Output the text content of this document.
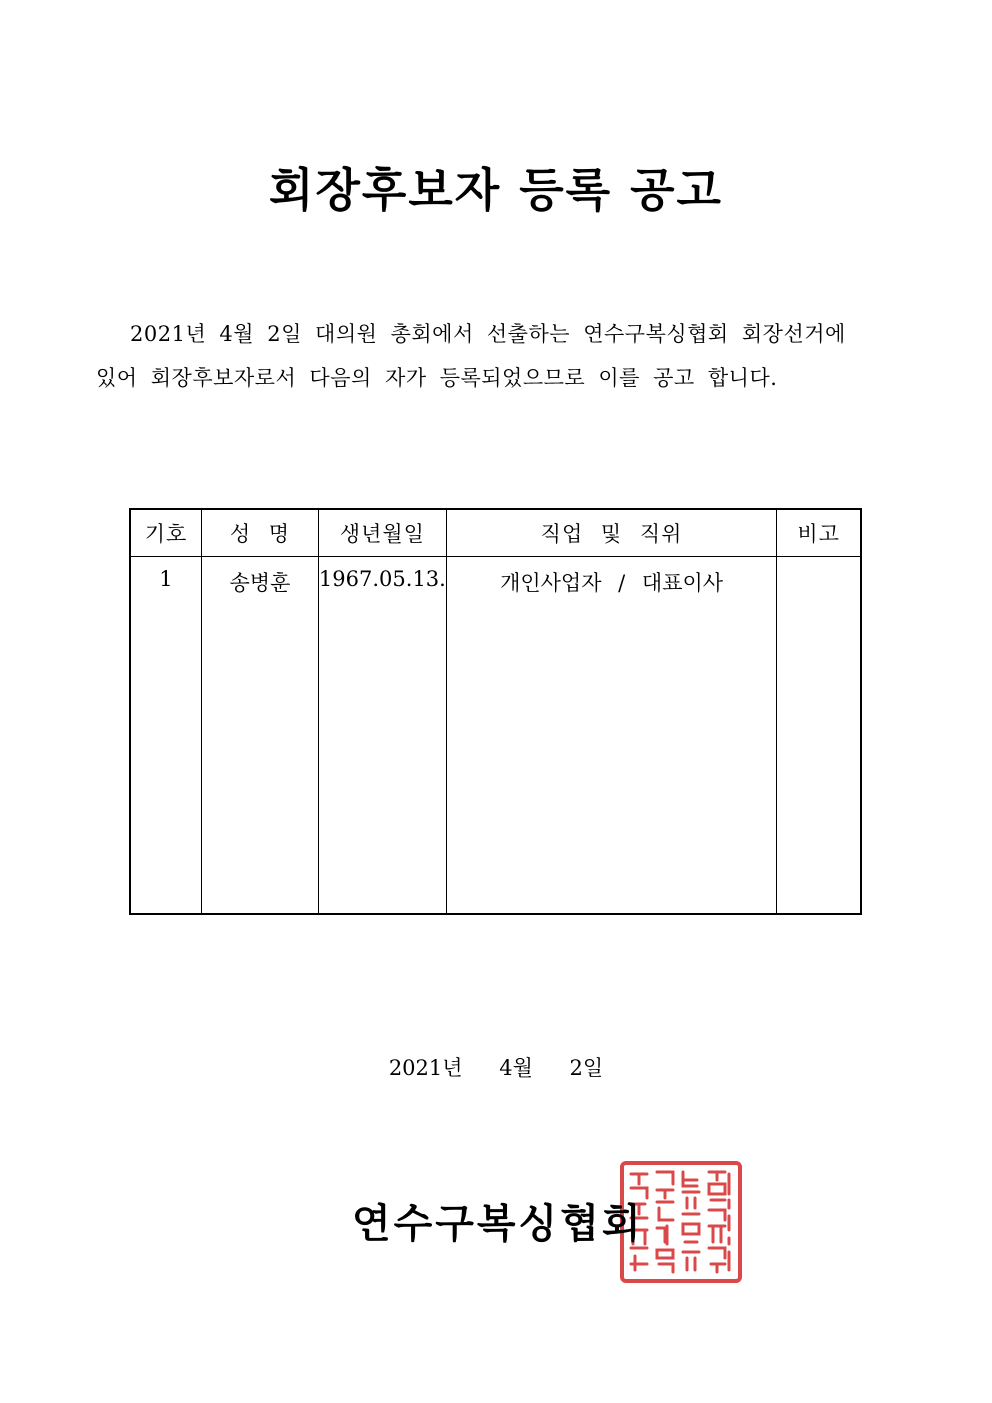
회장후보자 등록 공고
2021년 4월 2일 대의원 총회에서 선출하는 연수구복싱협회 회장선거에
있어 회장후보자로서 다음의 자가 등록되었으므로 이를 공고 합니다.
기호	성 명	생년월일	직업 및 직위	비고
1	송병훈	1967.05.13.	개인사업자 / 대표이사	
2021년 4월 2일
연수구복싱협회
